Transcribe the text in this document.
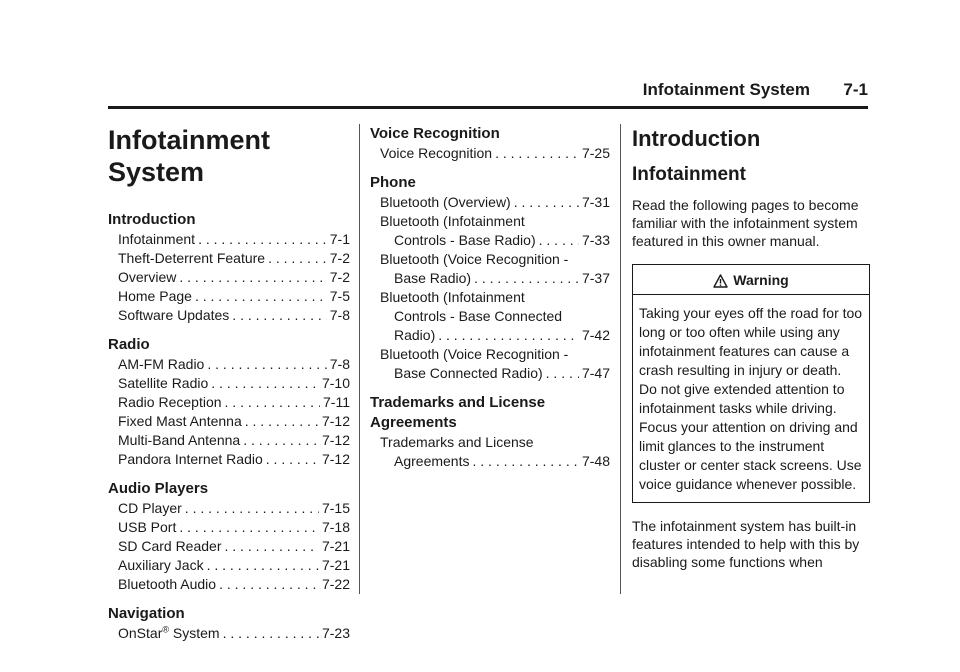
Infotainment System 7-1
Infotainment
System
Introduction
Infotainment . . .	7-1
Theft-Deterrent Feature . . .	7-2
Overview . . .	7-2
Home Page . . .	7-5
Software Updates . . .	7-8
Radio
AM-FM Radio . . .	7-8
Satellite Radio . . .	7-10
Radio Reception . . .	7-11
Fixed Mast Antenna . . .	7-12
Multi-Band Antenna . . .	7-12
Pandora Internet Radio . . .	7-12
Audio Players
CD Player . . .	7-15
USB Port . . .	7-18
SD Card Reader . . .	7-21
Auxiliary Jack . . .	7-21
Bluetooth Audio . . .	7-22
Navigation
OnStar® System . . .	7-23
Voice Recognition
Voice Recognition . . .	7-25
Phone
Bluetooth (Overview) . . .	7-31
Bluetooth (Infotainment
Controls - Base Radio) . . .	7-33
Bluetooth (Voice Recognition -
Base Radio) . . .	7-37
Bluetooth (Infotainment
Controls - Base Connected
Radio) . . .	7-42
Bluetooth (Voice Recognition -
Base Connected Radio) . . .	7-47
Trademarks and License
Agreements
Trademarks and License
Agreements . . .	7-48
Introduction
Infotainment

Read the following pages to become familiar with the infotainment system featured in this owner manual.

Warning
Taking your eyes off the road for too long or too often while using any infotainment features can cause a crash resulting in injury or death. Do not give extended attention to infotainment tasks while driving. Focus your attention on driving and limit glances to the instrument cluster or center stack screens. Use voice guidance whenever possible.

The infotainment system has built-in features intended to help with this by disabling some functions when
